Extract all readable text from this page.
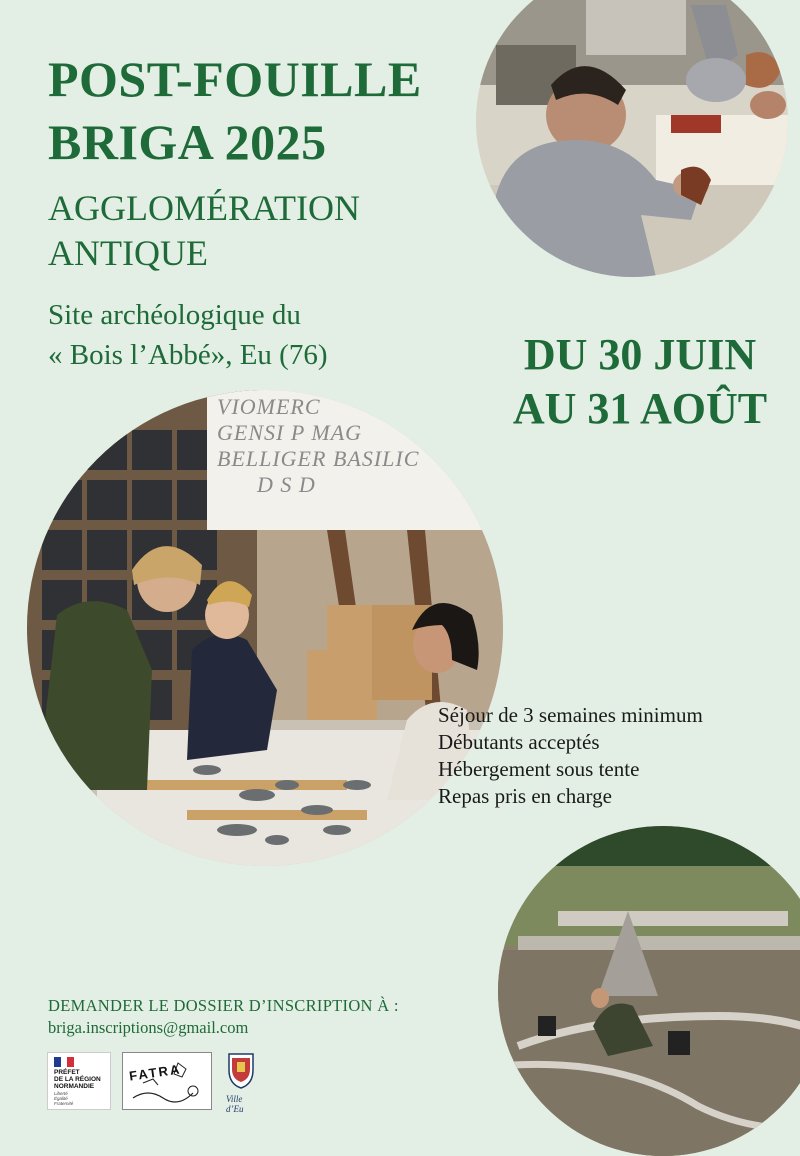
POST-FOUILLE
BRIGA 2025
AGGLOMÉRATION
ANTIQUE
Site archéologique du
« Bois l’Abbé», Eu (76)	DU 30 JUIN
AU 31 AOÛT
VIOMERC
GENSI P MAG
BELLIGER BASILIC
D S D
Séjour de 3 semaines minimum
Débutants acceptés
Hébergement sous tente
Repas pris en charge
DEMANDER LE DOSSIER D’INSCRIPTION À :
briga.inscriptions@gmail.com
PRÉFET
DE LA RÉGION
NORMANDIE
Liberté
Égalité
Fraternité
FATRA
Ville d’Eu
